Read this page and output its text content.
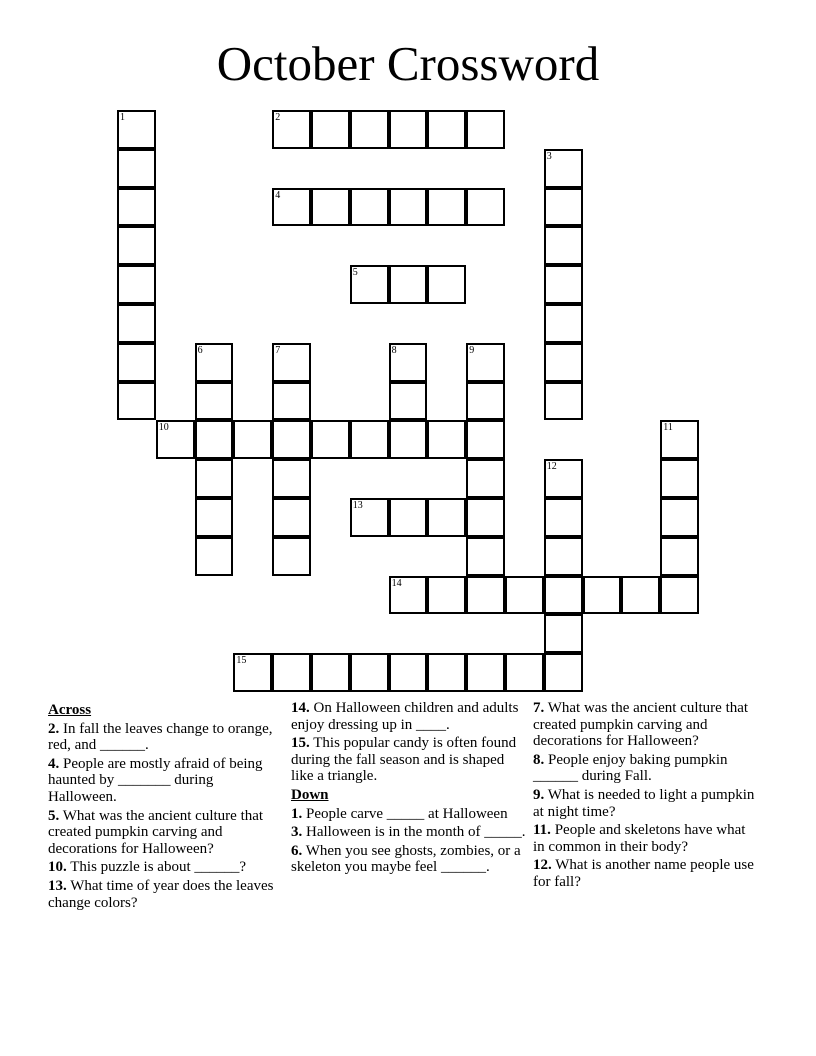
October Crossword
1	2
3
4
5
6	7	8	9
10	11
12
13
14
15
Across
2. In fall the leaves change to orange, red, and ______.
4. People are mostly afraid of being haunted by _______ during Halloween.
5. What was the ancient culture that created pumpkin carving and decorations for Halloween?
10. This puzzle is about ______?
13. What time of year does the leaves change colors?
14. On Halloween children and adults enjoy dressing up in ____.
15. This popular candy is often found during the fall season and is shaped like a triangle.
Down
1. People carve _____ at Halloween
3. Halloween is in the month of _____.
6. When you see ghosts, zombies, or a skeleton you maybe feel ______.
7. What was the ancient culture that created pumpkin carving and decorations for Halloween?
8. People enjoy baking pumpkin ______ during Fall.
9. What is needed to light a pumpkin at night time?
11. People and skeletons have what in common in their body?
12. What is another name people use for fall?
